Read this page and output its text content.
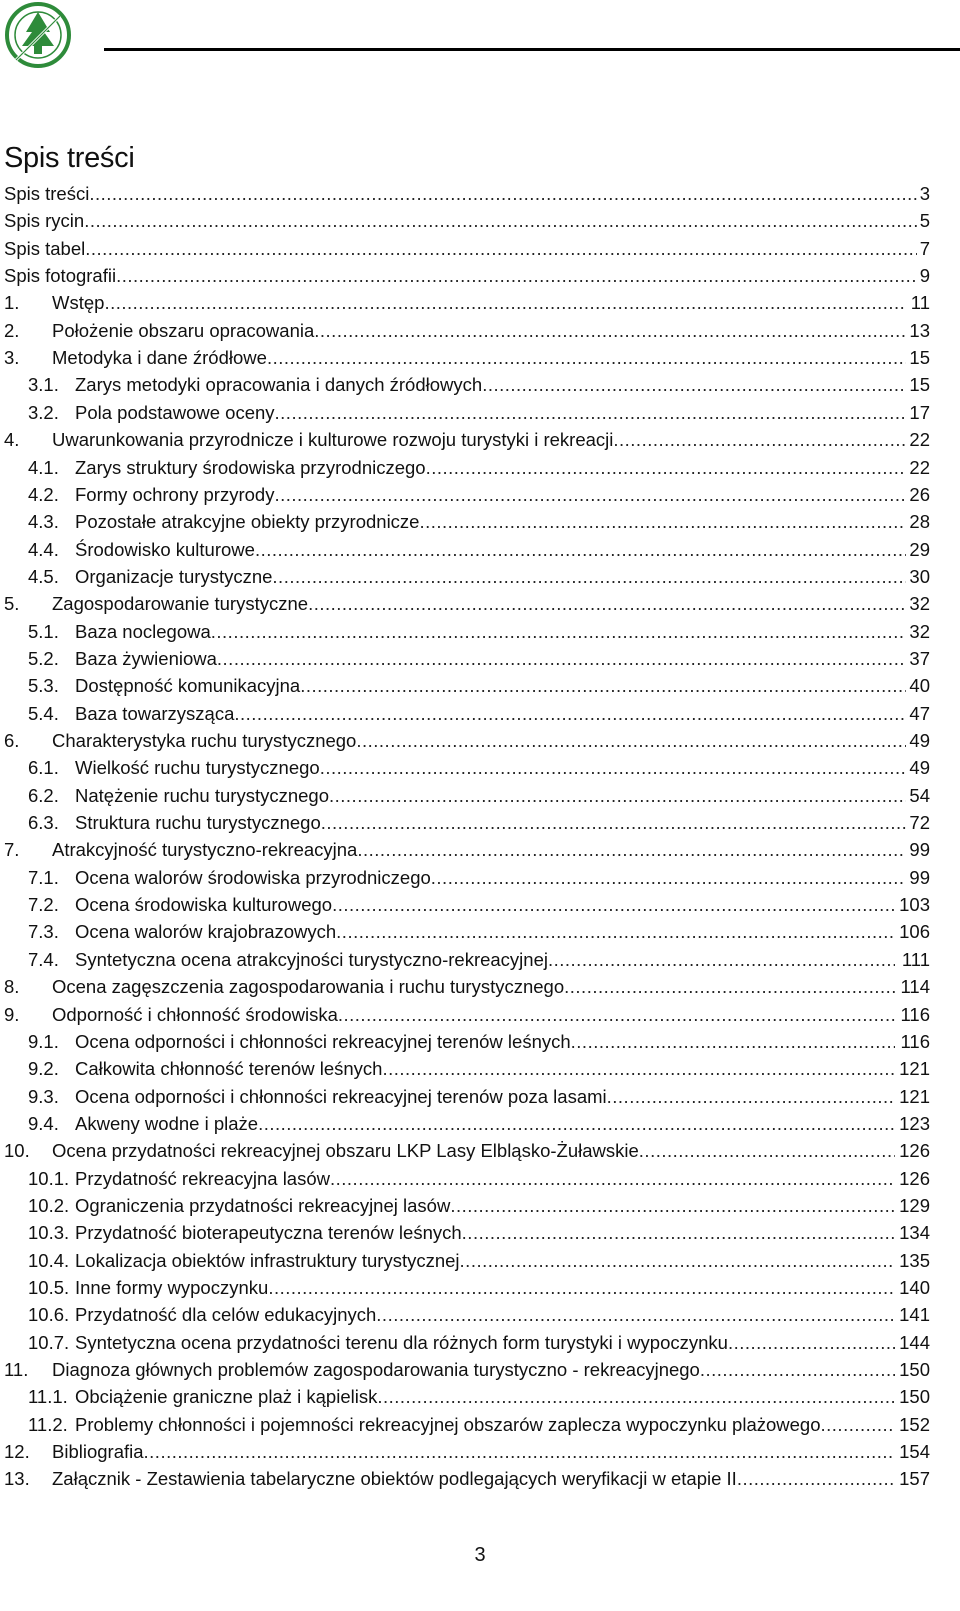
Spis treści
Spis treści .....	3
Spis rycin .....	5
Spis tabel .....	7
Spis fotografii .....	9
1. Wstęp .....	11
2. Położenie obszaru opracowania .....	13
3. Metodyka i dane źródłowe .....	15
3.1. Zarys metodyki opracowania i danych źródłowych .....	15
3.2. Pola podstawowe oceny .....	17
4. Uwarunkowania przyrodnicze i kulturowe rozwoju turystyki i rekreacji .....	22
4.1. Zarys struktury środowiska przyrodniczego .....	22
4.2. Formy ochrony przyrody .....	26
4.3. Pozostałe atrakcyjne obiekty przyrodnicze .....	28
4.4. Środowisko kulturowe .....	29
4.5. Organizacje turystyczne .....	30
5. Zagospodarowanie turystyczne .....	32
5.1. Baza noclegowa .....	32
5.2. Baza żywieniowa .....	37
5.3. Dostępność komunikacyjna .....	40
5.4. Baza towarzysząca .....	47
6. Charakterystyka ruchu turystycznego .....	49
6.1. Wielkość ruchu turystycznego .....	49
6.2. Natężenie ruchu turystycznego .....	54
6.3. Struktura ruchu turystycznego .....	72
7. Atrakcyjność turystyczno-rekreacyjna .....	99
7.1. Ocena walorów środowiska przyrodniczego .....	99
7.2. Ocena środowiska kulturowego .....	103
7.3. Ocena walorów krajobrazowych .....	106
7.4. Syntetyczna ocena atrakcyjności turystyczno-rekreacyjnej .....	111
8. Ocena zagęszczenia zagospodarowania i ruchu turystycznego .....	114
9. Odporność i chłonność środowiska .....	116
9.1. Ocena odporności i chłonności rekreacyjnej terenów leśnych .....	116
9.2. Całkowita chłonność terenów leśnych .....	121
9.3. Ocena odporności i chłonności rekreacyjnej terenów poza lasami .....	121
9.4. Akweny wodne i plaże .....	123
10. Ocena przydatności rekreacyjnej obszaru LKP Lasy Elbląsko-Żuławskie .....	126
10.1. Przydatność rekreacyjna lasów .....	126
10.2. Ograniczenia przydatności rekreacyjnej lasów .....	129
10.3. Przydatność bioterapeutyczna terenów leśnych .....	134
10.4. Lokalizacja obiektów infrastruktury turystycznej .....	135
10.5. Inne formy wypoczynku .....	140
10.6. Przydatność dla celów edukacyjnych .....	141
10.7. Syntetyczna ocena przydatności terenu dla różnych form turystyki i wypoczynku .....	144
11. Diagnoza głównych problemów zagospodarowania turystyczno - rekreacyjnego .....	150
11.1. Obciążenie graniczne plaż i kąpielisk .....	150
11.2. Problemy chłonności i pojemności rekreacyjnej obszarów zaplecza wypoczynku plażowego .....	152
12. Bibliografia .....	154
13. Załącznik - Zestawienia tabelaryczne obiektów podlegających weryfikacji w etapie II .....	157
3
